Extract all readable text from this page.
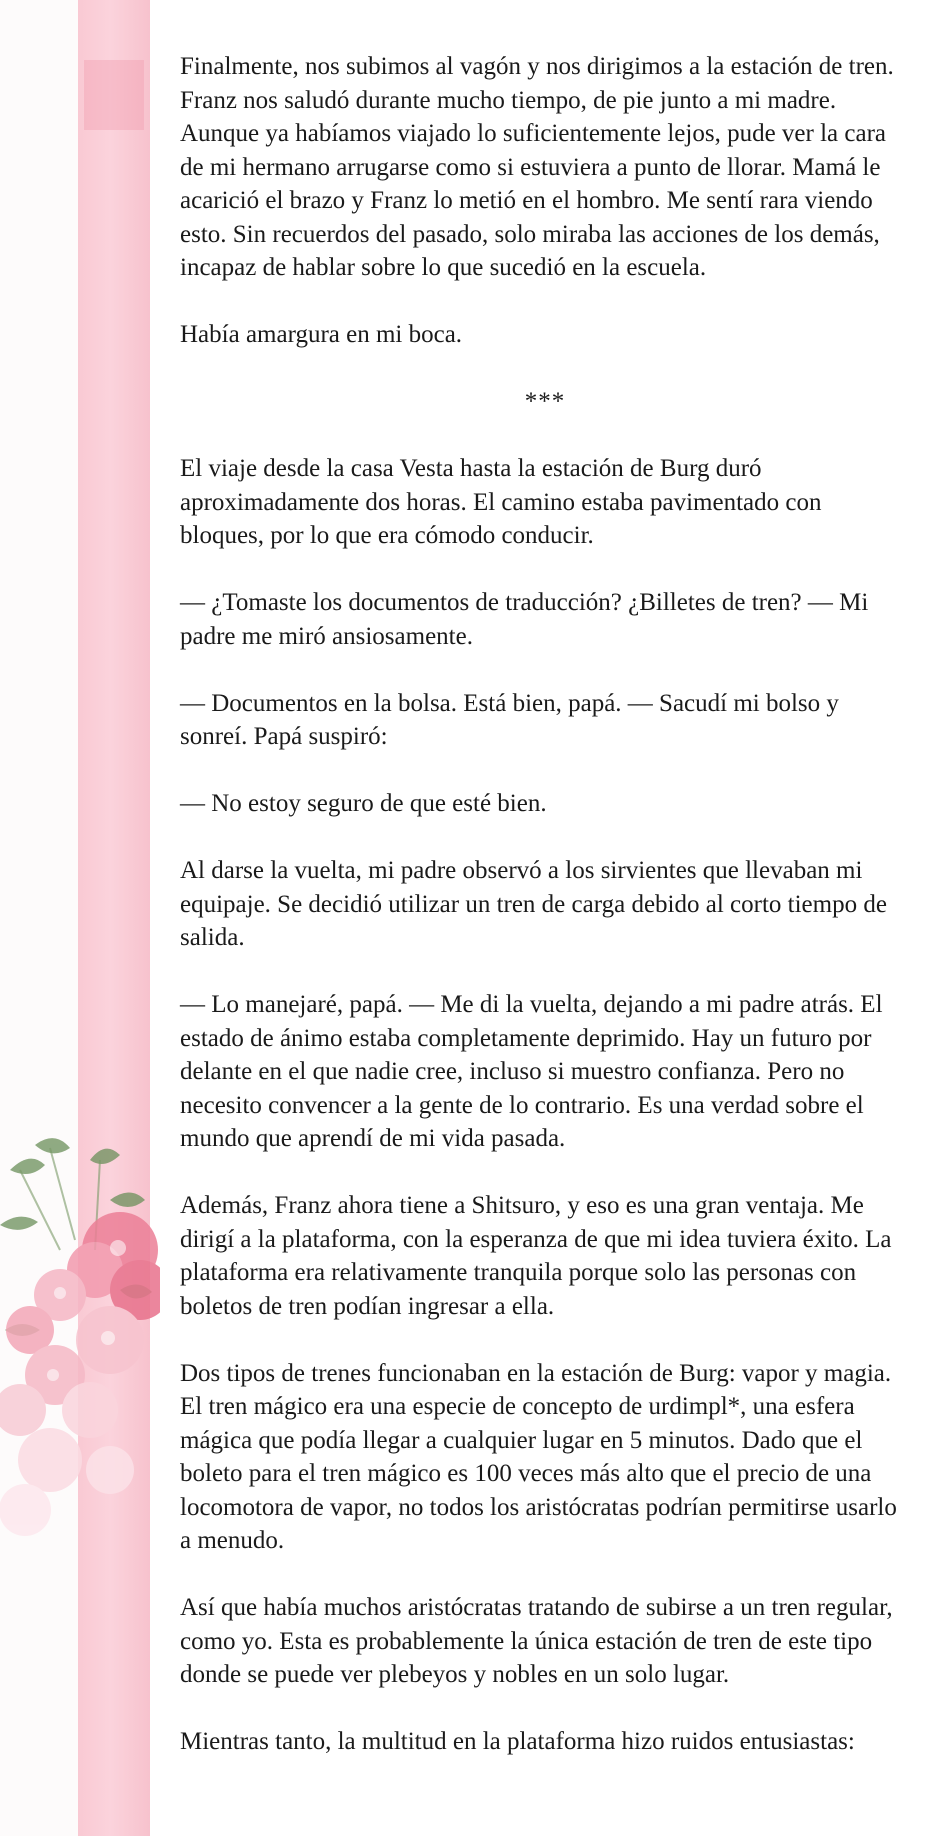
Finalmente, nos subimos al vagón y nos dirigimos a la estación de tren. Franz nos saludó durante mucho tiempo, de pie junto a mi madre. Aunque ya habíamos viajado lo suficientemente lejos, pude ver la cara de mi hermano arrugarse como si estuviera a punto de llorar. Mamá le acarició el brazo y Franz lo metió en el hombro. Me sentí rara viendo esto. Sin recuerdos del pasado, solo miraba las acciones de los demás, incapaz de hablar sobre lo que sucedió en la escuela.

Había amargura en mi boca.

***

El viaje desde la casa Vesta hasta la estación de Burg duró aproximadamente dos horas. El camino estaba pavimentado con bloques, por lo que era cómodo conducir.

— ¿Tomaste los documentos de traducción? ¿Billetes de tren? — Mi padre me miró ansiosamente.

— Documentos en la bolsa. Está bien, papá. — Sacudí mi bolso y sonreí. Papá suspiró:

— No estoy seguro de que esté bien.

Al darse la vuelta, mi padre observó a los sirvientes que llevaban mi equipaje. Se decidió utilizar un tren de carga debido al corto tiempo de salida.

— Lo manejaré, papá. — Me di la vuelta, dejando a mi padre atrás. El estado de ánimo estaba completamente deprimido. Hay un futuro por delante en el que nadie cree, incluso si muestro confianza. Pero no necesito convencer a la gente de lo contrario. Es una verdad sobre el mundo que aprendí de mi vida pasada.

Además, Franz ahora tiene a Shitsuro, y eso es una gran ventaja. Me dirigí a la plataforma, con la esperanza de que mi idea tuviera éxito. La plataforma era relativamente tranquila porque solo las personas con boletos de tren podían ingresar a ella.

Dos tipos de trenes funcionaban en la estación de Burg: vapor y magia. El tren mágico era una especie de concepto de urdimpl*, una esfera mágica que podía llegar a cualquier lugar en 5 minutos. Dado que el boleto para el tren mágico es 100 veces más alto que el precio de una locomotora de vapor, no todos los aristócratas podrían permitirse usarlo a menudo.

Así que había muchos aristócratas tratando de subirse a un tren regular, como yo. Esta es probablemente la única estación de tren de este tipo donde se puede ver plebeyos y nobles en un solo lugar.

Mientras tanto, la multitud en la plataforma hizo ruidos entusiastas:
